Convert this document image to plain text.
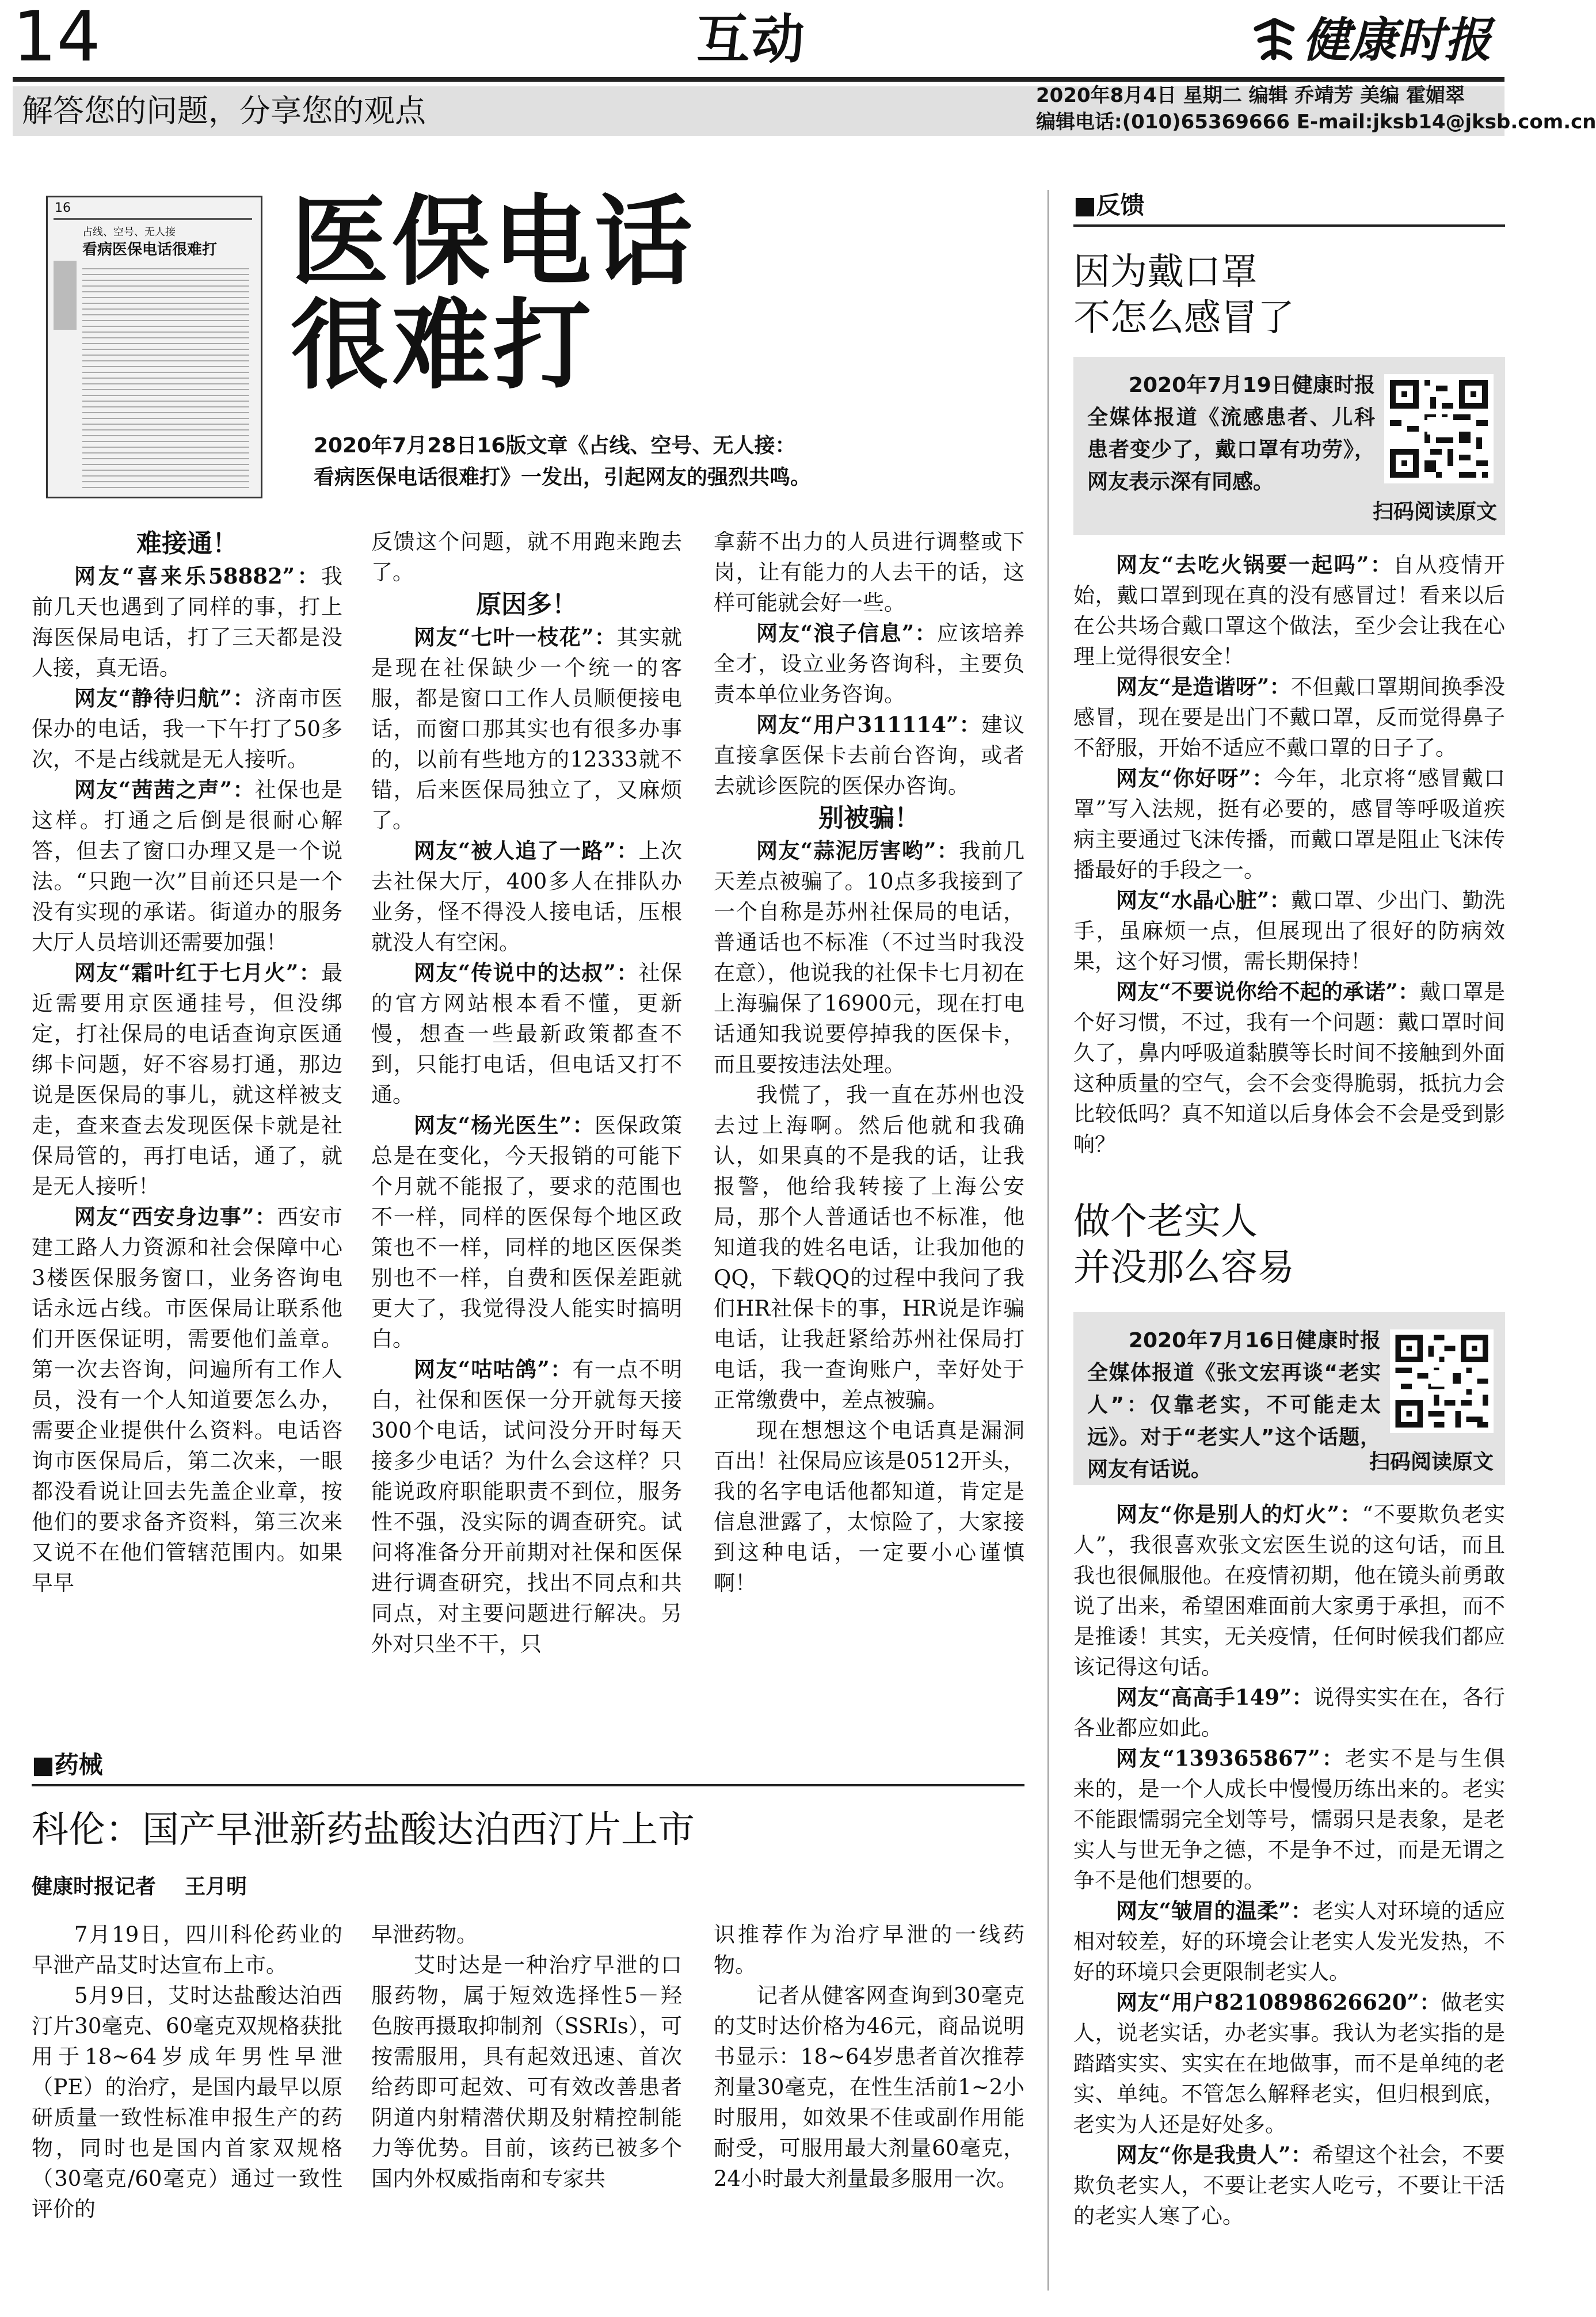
14	互动	健康时报
解答您的问题，分享您的观点	2020年8月4日 星期二 编辑 乔靖芳 美编 霍媚翠
编辑电话:(010)65369666 E-mail:jksb14@jksb.com.cn
16
占线、空号、无人接
看病医保电话很难打 医保电话
很难打
2020年7月28日16版文章《占线、空号、无人接：
看病医保电话很难打》一发出，引起网友的强烈共鸣。

难接通！

网友“喜来乐58882”：我前几天也遇到了同样的事，打上海医保局电话，打了三天都是没人接，真无语。

网友“静待归航”：济南市医保办的电话，我一下午打了50多次，不是占线就是无人接听。

网友“茜茜之声”：社保也是这样。打通之后倒是很耐心解答，但去了窗口办理又是一个说法。“只跑一次”目前还只是一个没有实现的承诺。街道办的服务大厅人员培训还需要加强！

网友“霜叶红于七月火”：最近需要用京医通挂号，但没绑定，打社保局的电话查询京医通绑卡问题，好不容易打通，那边说是医保局的事儿，就这样被支走，查来查去发现医保卡就是社保局管的，再打电话，通了，就是无人接听！

网友“西安身边事”：西安市建工路人力资源和社会保障中心3楼医保服务窗口，业务咨询电话永远占线。市医保局让联系他们开医保证明，需要他们盖章。第一次去咨询，问遍所有工作人员，没有一个人知道要怎么办，需要企业提供什么资料。电话咨询市医保局后，第二次来，一眼都没看说让回去先盖企业章，按他们的要求备齐资料，第三次来又说不在他们管辖范围内。如果早早

反馈这个问题，就不用跑来跑去了。

原因多！

网友“七叶一枝花”：其实就是现在社保缺少一个统一的客服，都是窗口工作人员顺便接电话，而窗口那其实也有很多办事的，以前有些地方的12333就不错，后来医保局独立了，又麻烦了。

网友“被人追了一路”：上次去社保大厅，400多人在排队办业务，怪不得没人接电话，压根就没人有空闲。

网友“传说中的达叔”：社保的官方网站根本看不懂，更新慢，想查一些最新政策都查不到，只能打电话，但电话又打不通。

网友“杨光医生”：医保政策总是在变化，今天报销的可能下个月就不能报了，要求的范围也不一样，同样的医保每个地区政策也不一样，同样的地区医保类别也不一样，自费和医保差距就更大了，我觉得没人能实时搞明白。

网友“咕咕鸽”：有一点不明白，社保和医保一分开就每天接300个电话，试问没分开时每天接多少电话？为什么会这样？只能说政府职能职责不到位，服务性不强，没实际的调查研究。试问将准备分开前期对社保和医保进行调查研究，找出不同点和共同点，对主要问题进行解决。另外对只坐不干，只

拿薪不出力的人员进行调整或下岗，让有能力的人去干的话，这样可能就会好一些。

网友“浪子信息”：应该培养全才，设立业务咨询科，主要负责本单位业务咨询。

网友“用户311114”：建议直接拿医保卡去前台咨询，或者去就诊医院的医保办咨询。

别被骗！

网友“蒜泥厉害哟”：我前几天差点被骗了。10点多我接到了一个自称是苏州社保局的电话，普通话也不标准（不过当时我没在意），他说我的社保卡七月初在上海骗保了16900元，现在打电话通知我说要停掉我的医保卡，而且要按违法处理。

我慌了，我一直在苏州也没去过上海啊。然后他就和我确认，如果真的不是我的话，让我报警，他给我转接了上海公安局，那个人普通话也不标准，他知道我的姓名电话，让我加他的QQ，下载QQ的过程中我问了我们HR社保卡的事，HR说是诈骗电话，让我赶紧给苏州社保局打电话，我一查询账户，幸好处于正常缴费中，差点被骗。

现在想想这个电话真是漏洞百出！社保局应该是0512开头，我的名字电话他都知道，肯定是信息泄露了，太惊险了，大家接到这种电话，一定要小心谨慎啊！

■药械
科伦：国产早泄新药盐酸达泊西汀片上市
健康时报记者    王月明

7月19日，四川科伦药业的早泄产品艾时达宣布上市。

5月9日，艾时达盐酸达泊西汀片30毫克、60毫克双规格获批用于18~64岁成年男性早泄（PE）的治疗，是国内最早以原研质量一致性标准申报生产的药物，同时也是国内首家双规格（30毫克/60毫克）通过一致性评价的

早泄药物。

艾时达是一种治疗早泄的口服药物，属于短效选择性5－羟色胺再摄取抑制剂（SSRIs），可按需服用，具有起效迅速、首次给药即可起效、可有效改善患者阴道内射精潜伏期及射精控制能力等优势。目前，该药已被多个国内外权威指南和专家共

识推荐作为治疗早泄的一线药物。

记者从健客网查询到30毫克的艾时达价格为46元，商品说明书显示：18~64岁患者首次推荐剂量30毫克，在性生活前1~2小时服用，如效果不佳或副作用能耐受，可服用最大剂量60毫克，24小时最大剂量最多服用一次。

■反馈
因为戴口罩
不怎么感冒了
2020年7月19日健康时报全媒体报道《流感患者、儿科患者变少了，戴口罩有功劳》，网友表示深有同感。
扫码阅读原文

网友“去吃火锅要一起吗”：自从疫情开始，戴口罩到现在真的没有感冒过！看来以后在公共场合戴口罩这个做法，至少会让我在心理上觉得很安全！

网友“是造谐呀”：不但戴口罩期间换季没感冒，现在要是出门不戴口罩，反而觉得鼻子不舒服，开始不适应不戴口罩的日子了。

网友“你好呀”：今年，北京将“感冒戴口罩”写入法规，挺有必要的，感冒等呼吸道疾病主要通过飞沫传播，而戴口罩是阻止飞沫传播最好的手段之一。

网友“水晶心脏”：戴口罩、少出门、勤洗手，虽麻烦一点，但展现出了很好的防病效果，这个好习惯，需长期保持！

网友“不要说你给不起的承诺”：戴口罩是个好习惯，不过，我有一个问题：戴口罩时间久了，鼻内呼吸道黏膜等长时间不接触到外面这种质量的空气，会不会变得脆弱，抵抗力会比较低吗？真不知道以后身体会不会是受到影响？

做个老实人
并没那么容易
2020年7月16日健康时报全媒体报道《张文宏再谈“老实人”：仅靠老实，不可能走太远》。对于“老实人”这个话题，网友有话说。	扫码阅读原文

网友“你是别人的灯火”：“不要欺负老实人”，我很喜欢张文宏医生说的这句话，而且我也很佩服他。在疫情初期，他在镜头前勇敢说了出来，希望困难面前大家勇于承担，而不是推诿！其实，无关疫情，任何时候我们都应该记得这句话。

网友“高高手149”：说得实实在在，各行各业都应如此。

网友“139365867”：老实不是与生俱来的，是一个人成长中慢慢历练出来的。老实不能跟懦弱完全划等号，懦弱只是表象，是老实人与世无争之德，不是争不过，而是无谓之争不是他们想要的。

网友“皱眉的温柔”：老实人对环境的适应相对较差，好的环境会让老实人发光发热，不好的环境只会更限制老实人。

网友“用户8210898626620”：做老实人，说老实话，办老实事。我认为老实指的是踏踏实实、实实在在地做事，而不是单纯的老实、单纯。不管怎么解释老实，但归根到底，老实为人还是好处多。

网友“你是我贵人”：希望这个社会，不要欺负老实人，不要让老实人吃亏，不要让干活的老实人寒了心。
